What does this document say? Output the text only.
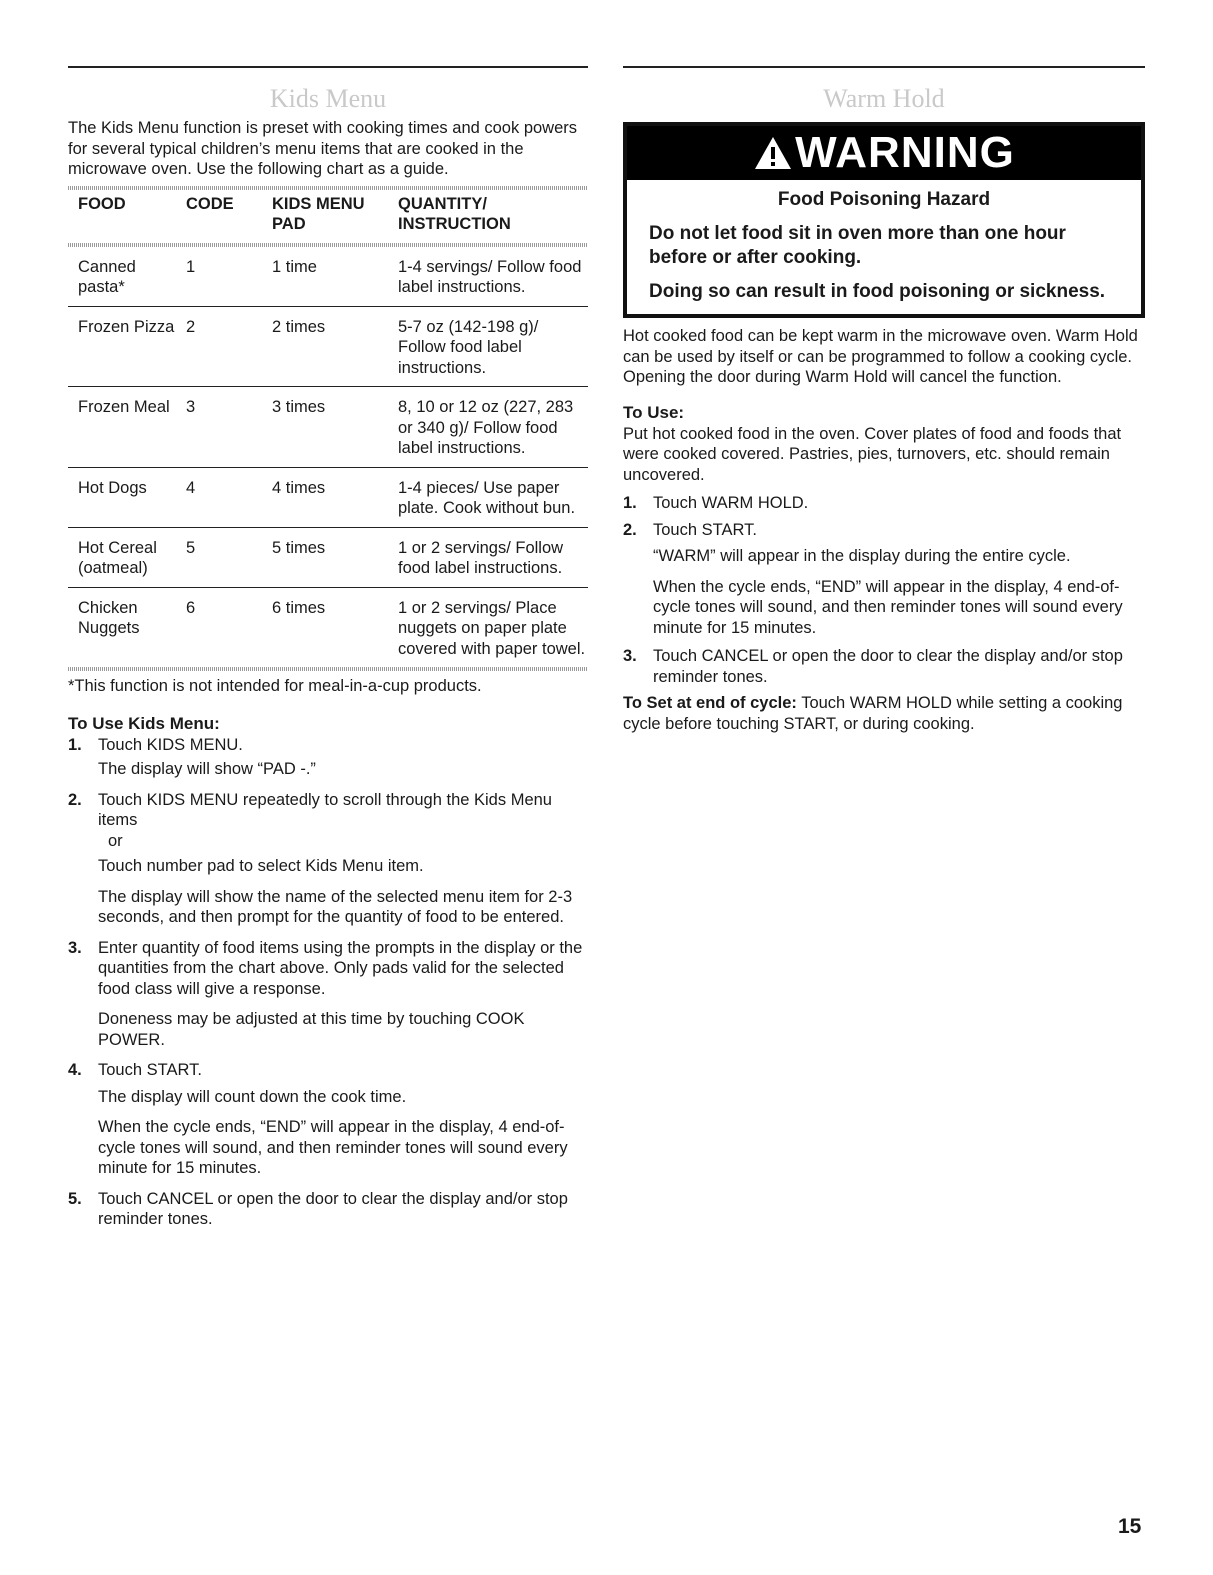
Kids Menu

The Kids Menu function is preset with cooking times and cook powers for several typical children’s menu items that are cooked in the microwave oven. Use the following chart as a guide.

FOOD	CODE	KIDS MENU PAD	QUANTITY/ INSTRUCTION

Canned pasta*	1	1 time	1-4 servings/ Follow food label instructions.
Frozen Pizza	2	2 times	5-7 oz (142-198 g)/ Follow food label instructions.
Frozen Meal	3	3 times	8, 10 or 12 oz (227, 283 or 340 g)/ Follow food label instructions.
Hot Dogs	4	4 times	1-4 pieces/ Use paper plate. Cook without bun.
Hot Cereal (oatmeal)	5	5 times	1 or 2 servings/ Follow food label instructions.
Chicken Nuggets	6	6 times	1 or 2 servings/ Place nuggets on paper plate covered with paper towel.

*This function is not intended for meal-in-a-cup products.

To Use Kids Menu:
1. Touch KIDS MENU.

The display will show “PAD -.”

2. Touch KIDS MENU repeatedly to scroll through the Kids Menu items

or

Touch number pad to select Kids Menu item.

The display will show the name of the selected menu item for 2-3 seconds, and then prompt for the quantity of food to be entered.

3. Enter quantity of food items using the prompts in the display or the quantities from the chart above. Only pads valid for the selected food class will give a response.

Doneness may be adjusted at this time by touching COOK POWER.

4. Touch START.

The display will count down the cook time.

When the cycle ends, “END” will appear in the display, 4 end-of-cycle tones will sound, and then reminder tones will sound every minute for 15 minutes.

5. Touch CANCEL or open the door to clear the display and/or stop reminder tones.

Warm Hold
WARNING

Food Poisoning Hazard

Do not let food sit in oven more than one hour before or after cooking.

Doing so can result in food poisoning or sickness.

Hot cooked food can be kept warm in the microwave oven. Warm Hold can be used by itself or can be programmed to follow a cooking cycle. Opening the door during Warm Hold will cancel the function.

To Use:

Put hot cooked food in the oven. Cover plates of food and foods that were cooked covered. Pastries, pies, turnovers, etc. should remain uncovered.

1. Touch WARM HOLD.

2. Touch START.

“WARM” will appear in the display during the entire cycle.

When the cycle ends, “END” will appear in the display, 4 end-of-cycle tones will sound, and then reminder tones will sound every minute for 15 minutes.

3. Touch CANCEL or open the door to clear the display and/or stop reminder tones.

To Set at end of cycle: Touch WARM HOLD while setting a cooking cycle before touching START, or during cooking.

15
